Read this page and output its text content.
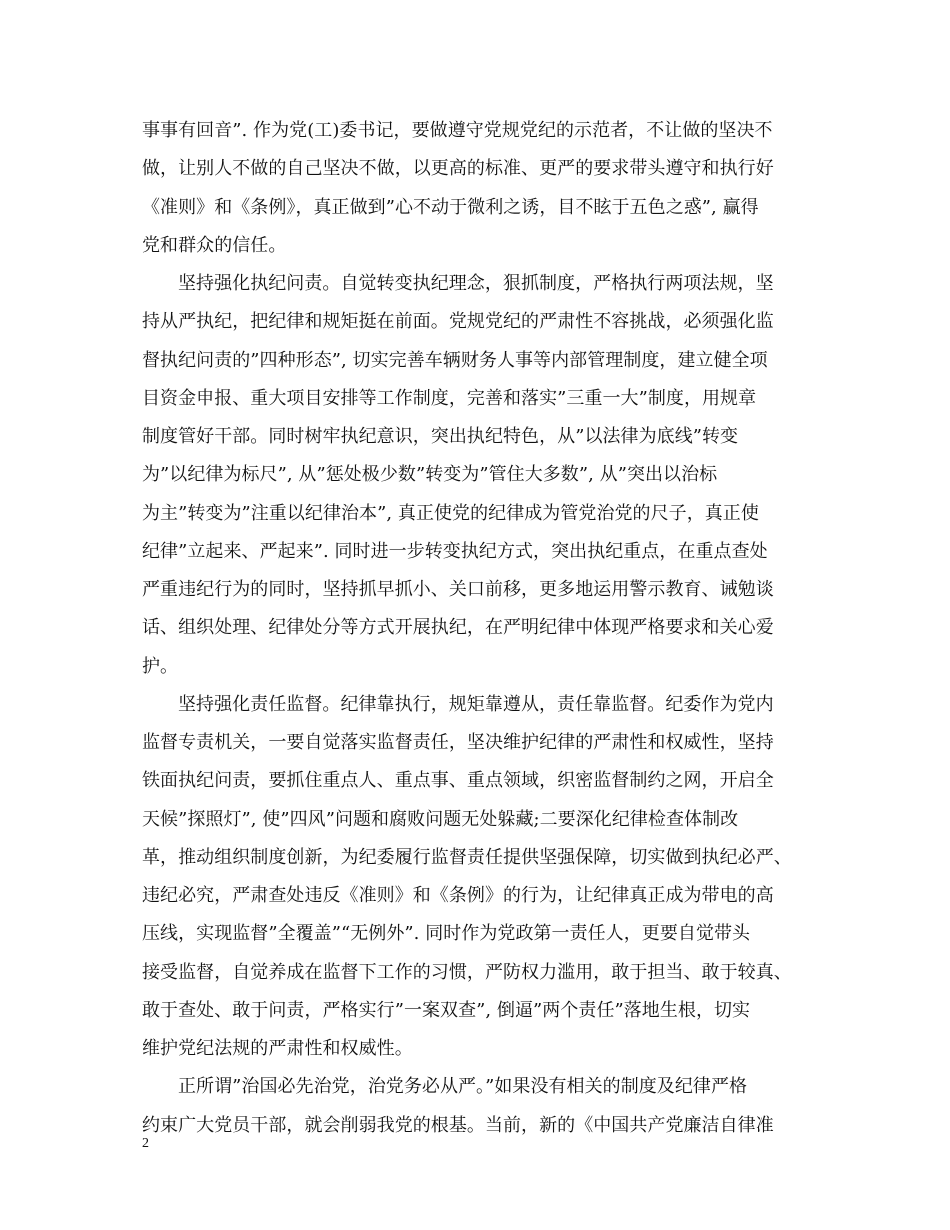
事事有回音”. 作为党(工)委书记，要做遵守党规党纪的示范者，不让做的坚决不
做，让别人不做的自己坚决不做，以更高的标准、更严的要求带头遵守和执行好
《准则》和《条例》，真正做到”心不动于微利之诱，目不眩于五色之惑”, 赢得
党和群众的信任。
坚持强化执纪问责。自觉转变执纪理念，狠抓制度，严格执行两项法规，坚
持从严执纪，把纪律和规矩挺在前面。党规党纪的严肃性不容挑战，必须强化监
督执纪问责的”四种形态”, 切实完善车辆财务人事等内部管理制度，建立健全项
目资金申报、重大项目安排等工作制度，完善和落实”三重一大”制度，用规章
制度管好干部。同时树牢执纪意识，突出执纪特色，从”以法律为底线”转变
为”以纪律为标尺”, 从”惩处极少数”转变为”管住大多数”, 从”突出以治标
为主”转变为”注重以纪律治本”, 真正使党的纪律成为管党治党的尺子，真正使
纪律”立起来、严起来”. 同时进一步转变执纪方式，突出执纪重点，在重点查处
严重违纪行为的同时，坚持抓早抓小、关口前移，更多地运用警示教育、诫勉谈
话、组织处理、纪律处分等方式开展执纪，在严明纪律中体现严格要求和关心爱
护。
坚持强化责任监督。纪律靠执行，规矩靠遵从，责任靠监督。纪委作为党内
监督专责机关，一要自觉落实监督责任，坚决维护纪律的严肃性和权威性，坚持
铁面执纪问责，要抓住重点人、重点事、重点领域，织密监督制约之网，开启全
天候”探照灯”, 使”四风”问题和腐败问题无处躲藏;二要深化纪律检查体制改
革，推动组织制度创新，为纪委履行监督责任提供坚强保障，切实做到执纪必严、
违纪必究，严肃查处违反《准则》和《条例》的行为，让纪律真正成为带电的高
压线，实现监督”全覆盖”“无例外”. 同时作为党政第一责任人，更要自觉带头
接受监督，自觉养成在监督下工作的习惯，严防权力滥用，敢于担当、敢于较真、
敢于查处、敢于问责，严格实行”一案双查”, 倒逼”两个责任”落地生根，切实
维护党纪法规的严肃性和权威性。
正所谓”治国必先治党，治党务必从严。”如果没有相关的制度及纪律严格
约束广大党员干部，就会削弱我党的根基。当前，新的《中国共产党廉洁自律准
2
